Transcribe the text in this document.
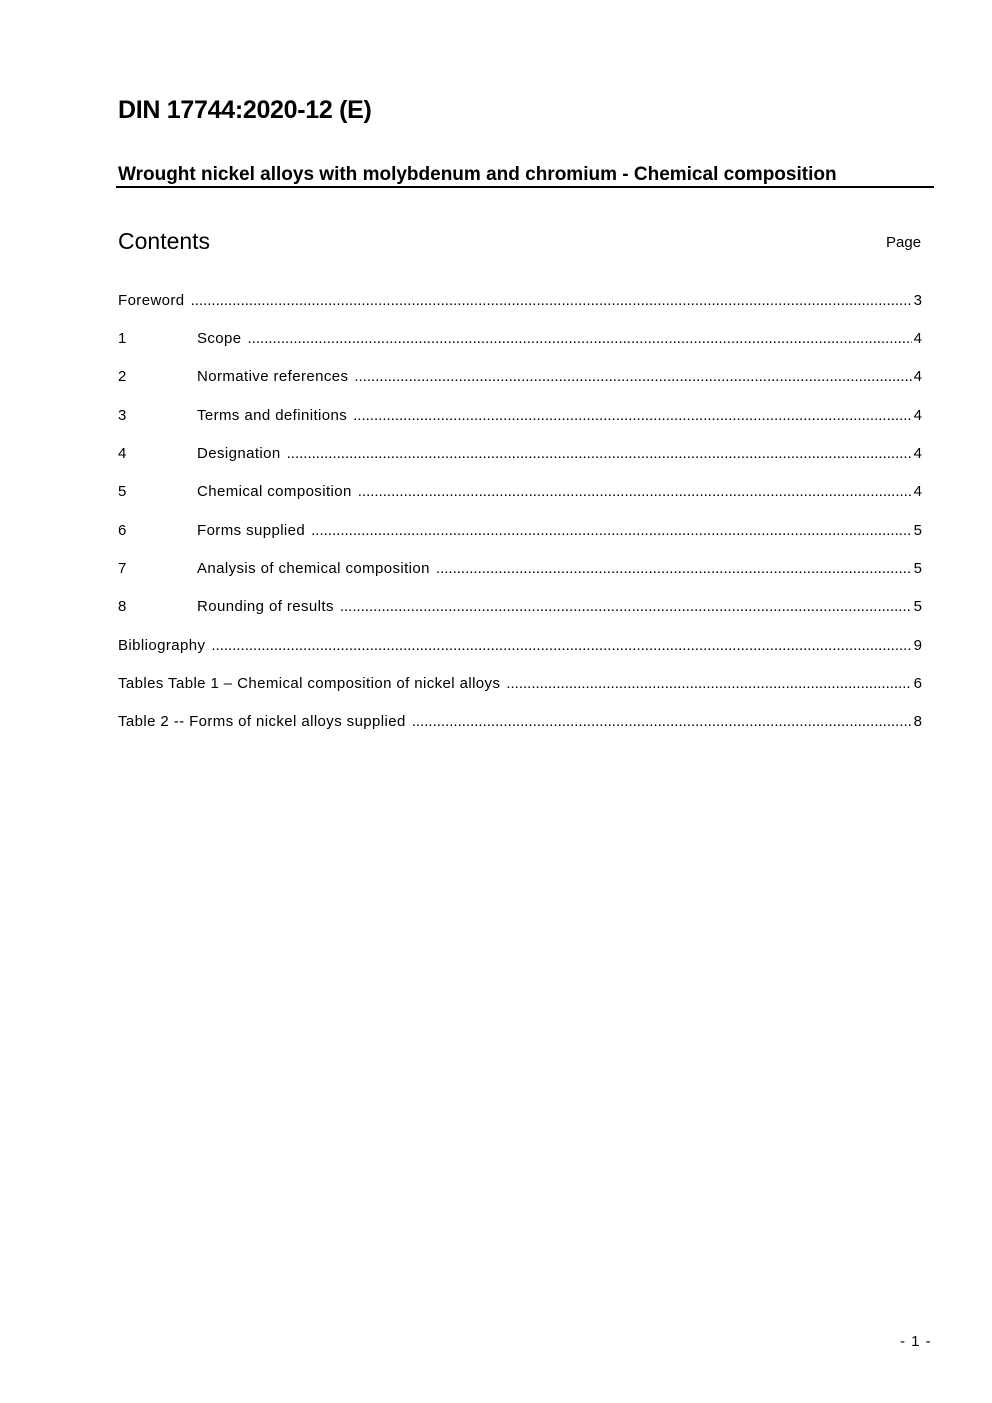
DIN 17744:2020-12 (E)
Wrought nickel alloys with molybdenum and chromium - Chemical composition
Contents	Page
Foreword .....	3
1	Scope .....	4
2	Normative references .....	4
3	Terms and definitions .....	4
4	Designation .....	4
5	Chemical composition .....	4
6	Forms supplied .....	5
7	Analysis of chemical composition .....	5
8	Rounding of results .....	5
Bibliography .....	9
Tables Table 1 – Chemical composition of nickel alloys .....	6
Table 2 -- Forms of nickel alloys supplied .....	8
- 1 -
